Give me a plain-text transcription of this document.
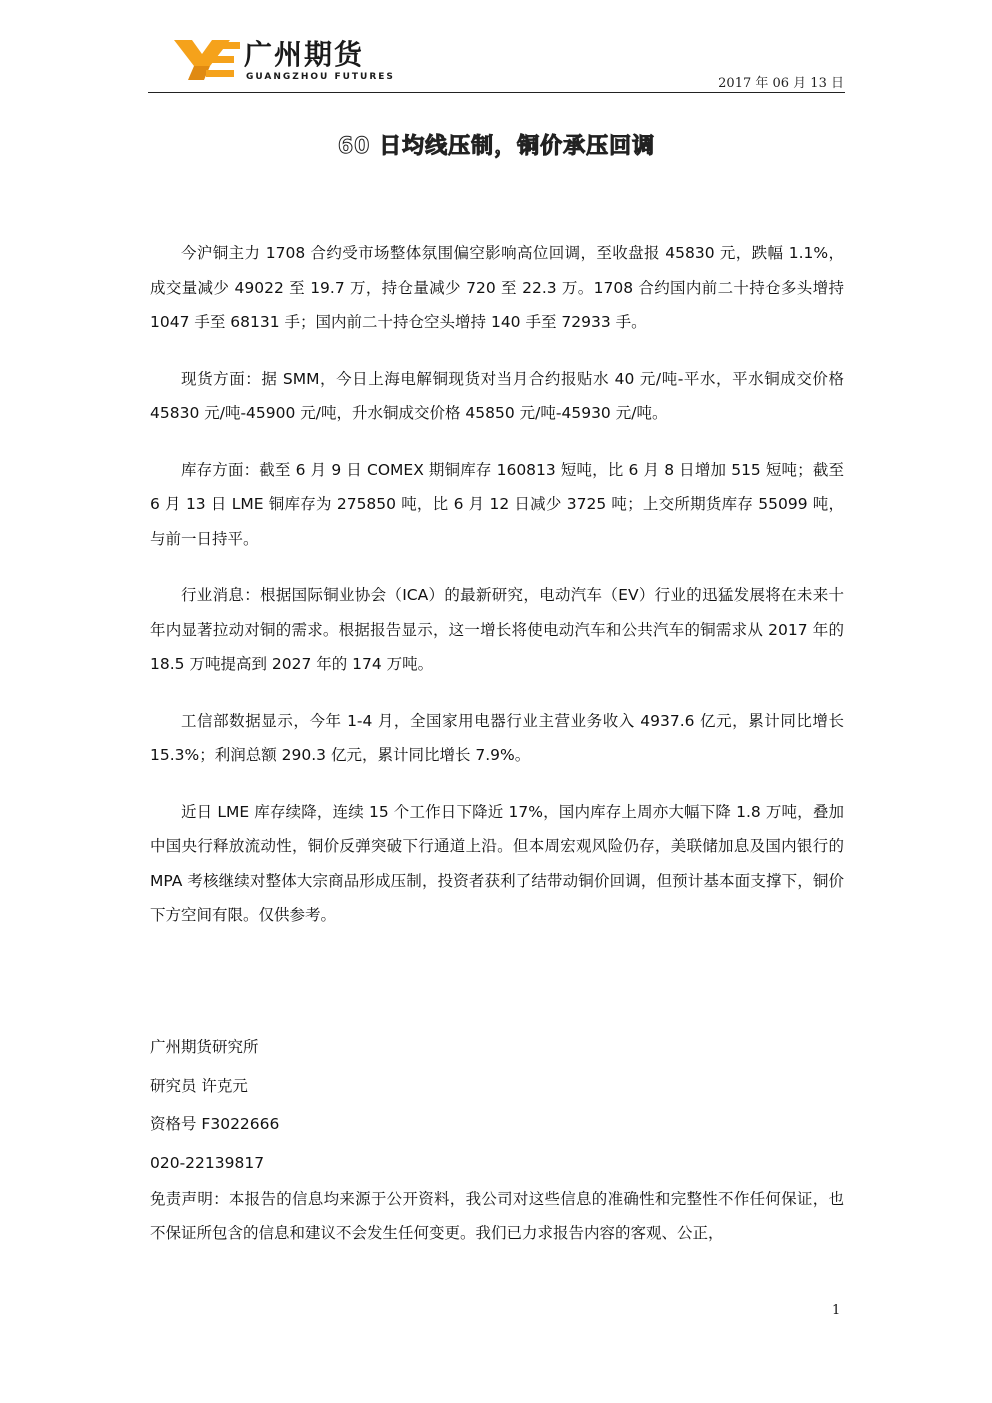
广州期货
GUANGZHOU FUTURES	2017 年 06 月 13 日
60 日均线压制，铜价承压回调

今沪铜主力 1708 合约受市场整体氛围偏空影响高位回调，至收盘报 45830 元，跌幅 1.1%，成交量减少 49022 至 19.7 万，持仓量减少 720 至 22.3 万。1708 合约国内前二十持仓多头增持 1047 手至 68131 手；国内前二十持仓空头增持 140 手至 72933 手。

现货方面：据 SMM，今日上海电解铜现货对当月合约报贴水 40 元/吨-平水，平水铜成交价格 45830 元/吨-45900 元/吨，升水铜成交价格 45850 元/吨-45930 元/吨。

库存方面：截至 6 月 9 日 COMEX 期铜库存 160813 短吨，比 6 月 8 日增加 515 短吨；截至 6 月 13 日 LME 铜库存为 275850 吨，比 6 月 12 日减少 3725 吨；上交所期货库存 55099 吨，与前一日持平。

行业消息：根据国际铜业协会（ICA）的最新研究，电动汽车（EV）行业的迅猛发展将在未来十年内显著拉动对铜的需求。根据报告显示，这一增长将使电动汽车和公共汽车的铜需求从 2017 年的 18.5 万吨提高到 2027 年的 174 万吨。

工信部数据显示，今年 1-4 月，全国家用电器行业主营业务收入 4937.6 亿元，累计同比增长 15.3%；利润总额 290.3 亿元，累计同比增长 7.9%。

近日 LME 库存续降，连续 15 个工作日下降近 17%，国内库存上周亦大幅下降 1.8 万吨，叠加中国央行释放流动性，铜价反弹突破下行通道上沿。但本周宏观风险仍存，美联储加息及国内银行的 MPA 考核继续对整体大宗商品形成压制，投资者获利了结带动铜价回调，但预计基本面支撑下，铜价下方空间有限。仅供参考。

广州期货研究所
研究员 许克元
资格号 F3022666
020-22139817
免责声明：本报告的信息均来源于公开资料，我公司对这些信息的准确性和完整性不作任何保证，也不保证所包含的信息和建议不会发生任何变更。我们已力求报告内容的客观、公正，
1
